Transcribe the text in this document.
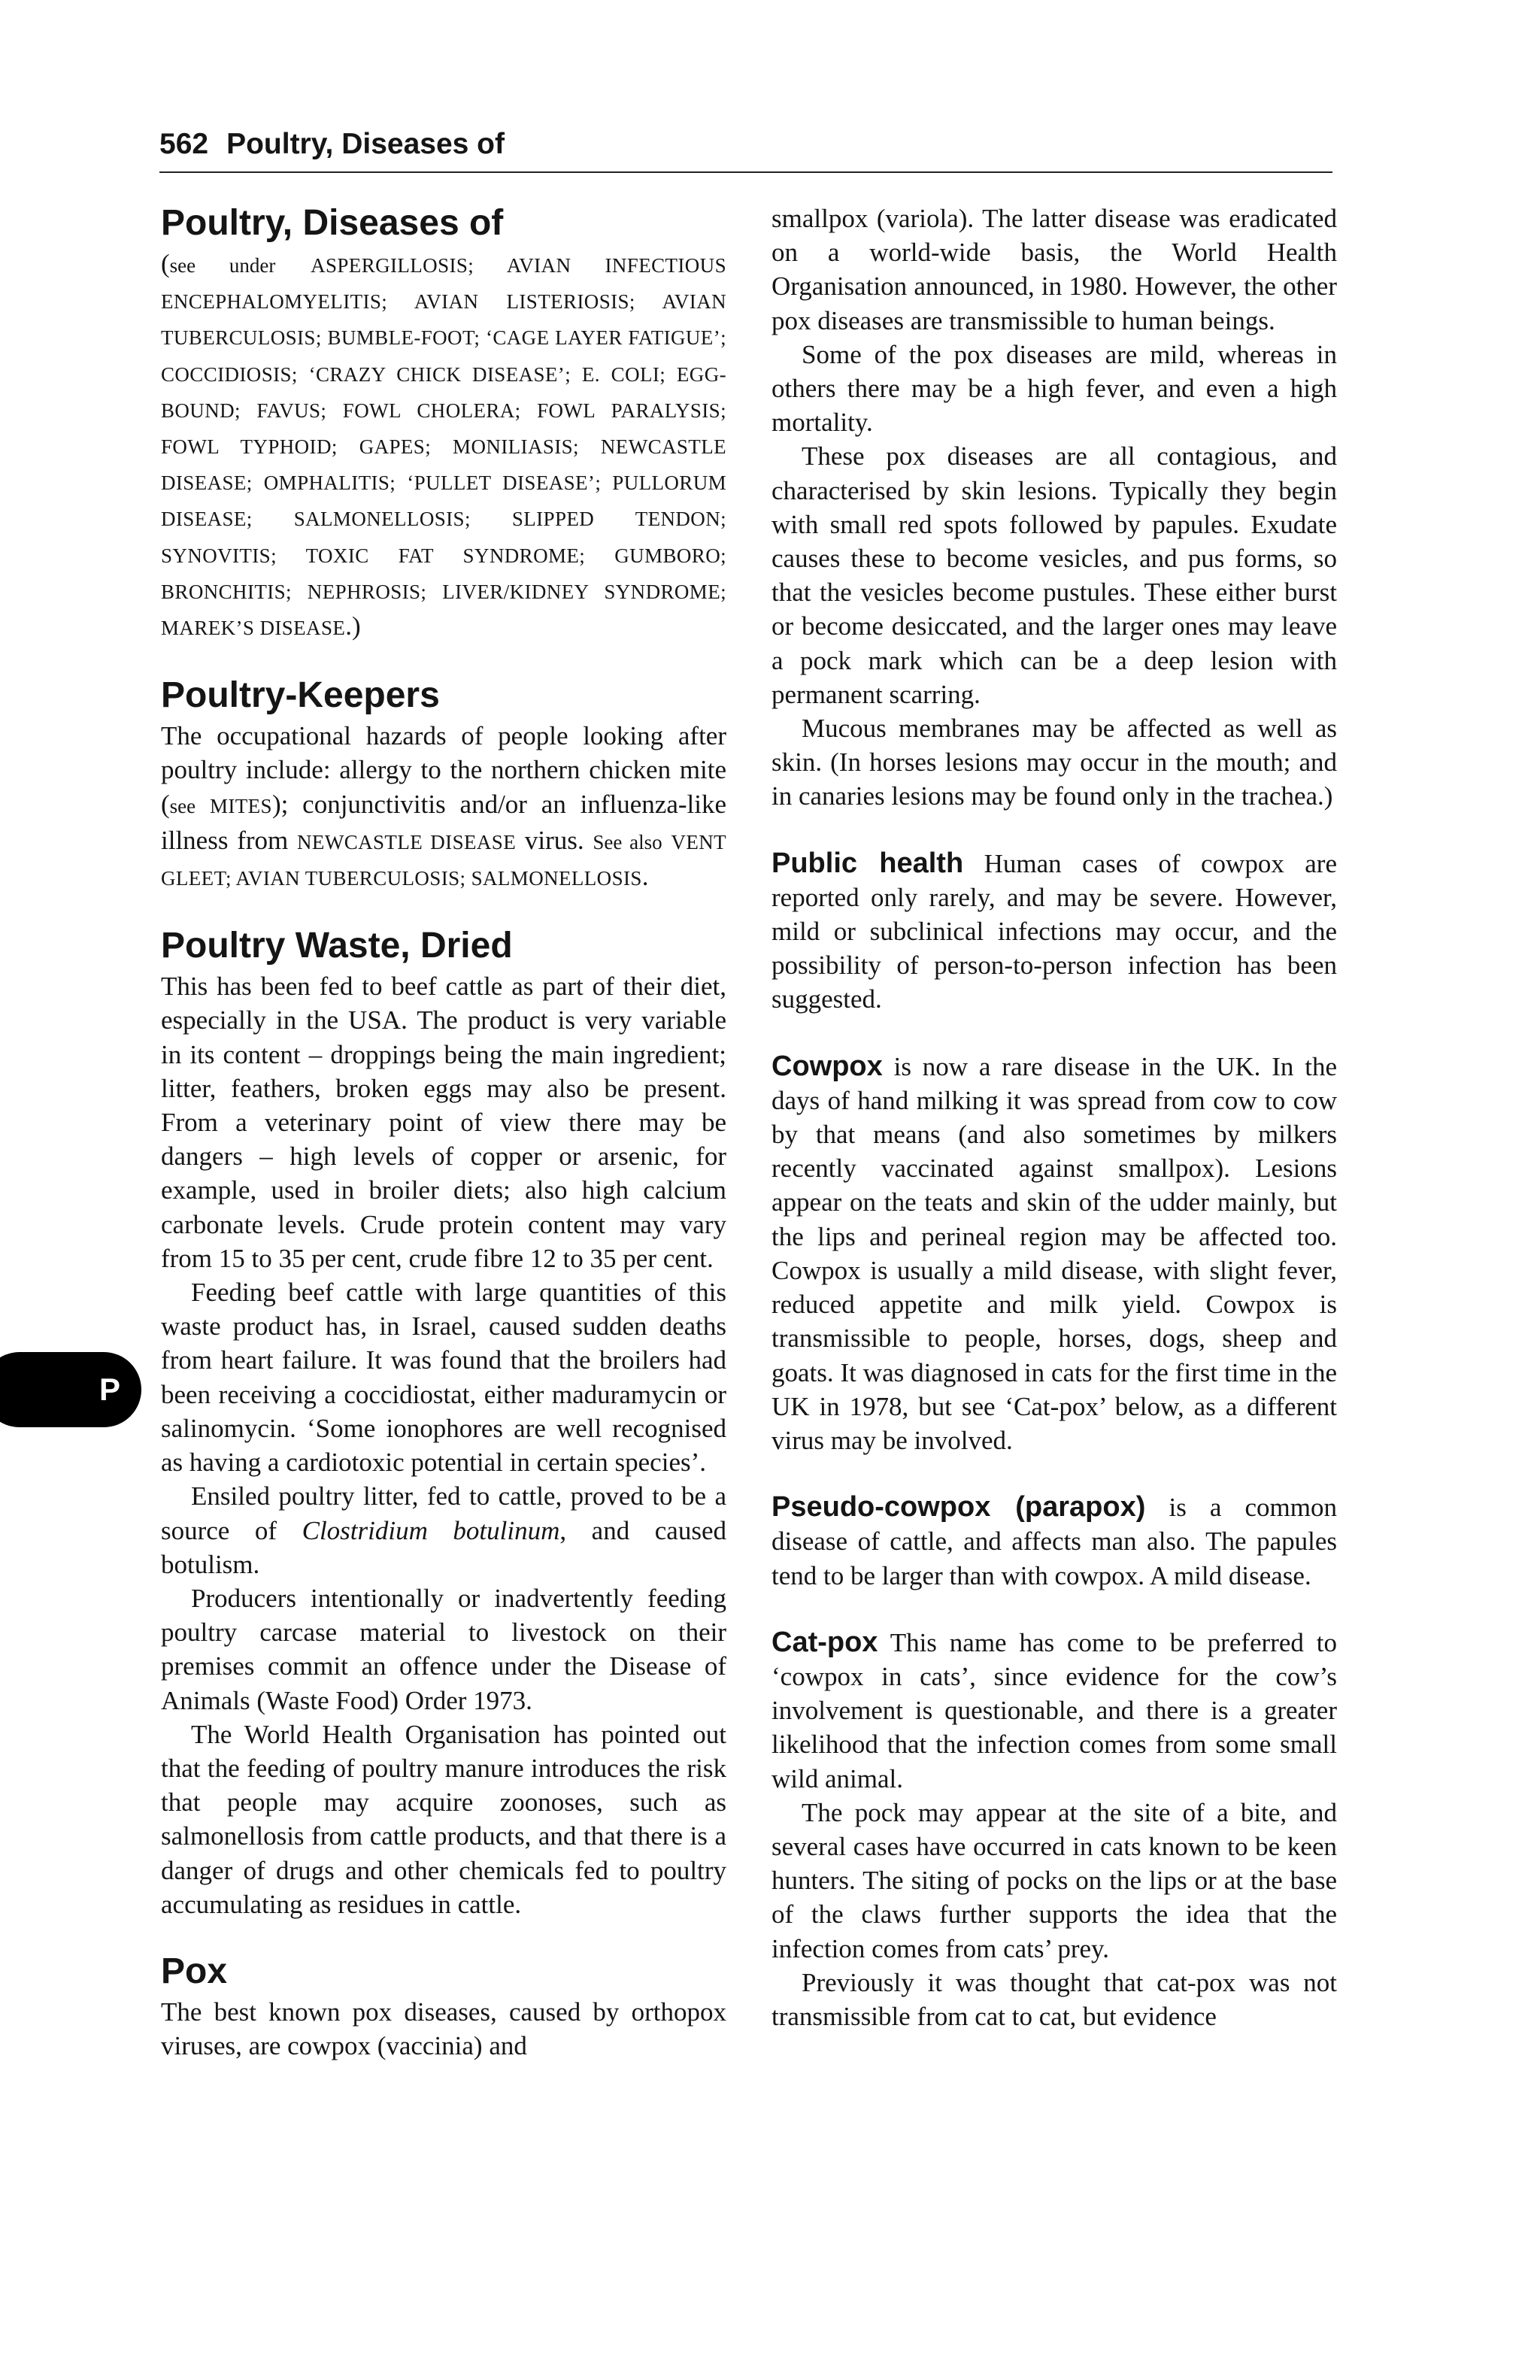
562 Poultry, Diseases of
P
Poultry, Diseases of

(see under ASPERGILLOSIS; AVIAN INFECTIOUS ENCEPHALOMYELITIS; AVIAN LISTERIOSIS; AVIAN TUBERCULOSIS; BUMBLE-FOOT; ‘CAGE LAYER FATIGUE’; COCCIDIOSIS; ‘CRAZY CHICK DISEASE’; E. COLI; EGG-BOUND; FAVUS; FOWL CHOLERA; FOWL PARALYSIS; FOWL TYPHOID; GAPES; MONILIASIS; NEWCASTLE DISEASE; OMPHALITIS; ‘PULLET DISEASE’; PULLORUM DISEASE; SALMONELLOSIS; SLIPPED TENDON; SYNOVITIS; TOXIC FAT SYNDROME; GUMBORO; BRONCHITIS; NEPHROSIS; LIVER/KIDNEY SYNDROME; MAREK’S DISEASE.)

Poultry-Keepers

The occupational hazards of people looking after poultry include: allergy to the northern chicken mite (see MITES); conjunctivitis and/or an influenza-like illness from NEWCASTLE DISEASE virus. See also VENT GLEET; AVIAN TUBERCULOSIS; SALMONELLOSIS.

Poultry Waste, Dried

This has been fed to beef cattle as part of their diet, especially in the USA. The product is very variable in its content – droppings being the main ingredient; litter, feathers, broken eggs may also be present. From a veterinary point of view there may be dangers – high levels of copper or arsenic, for example, used in broiler diets; also high calcium carbonate levels. Crude protein content may vary from 15 to 35 per cent, crude fibre 12 to 35 per cent.

Feeding beef cattle with large quantities of this waste product has, in Israel, caused sudden deaths from heart failure. It was found that the broilers had been receiving a coccidiostat, either maduramycin or salinomycin. ‘Some ionophores are well recognised as having a cardiotoxic potential in certain species’.

Ensiled poultry litter, fed to cattle, proved to be a source of Clostridium botulinum, and caused botulism.

Producers intentionally or inadvertently feeding poultry carcase material to livestock on their premises commit an offence under the Disease of Animals (Waste Food) Order 1973.

The World Health Organisation has pointed out that the feeding of poultry manure introduces the risk that people may acquire zoonoses, such as salmonellosis from cattle products, and that there is a danger of drugs and other chemicals fed to poultry accumulating as residues in cattle.

Pox

The best known pox diseases, caused by orthopox viruses, are cowpox (vaccinia) and

smallpox (variola). The latter disease was eradicated on a world-wide basis, the World Health Organisation announced, in 1980. However, the other pox diseases are transmissible to human beings.

Some of the pox diseases are mild, whereas in others there may be a high fever, and even a high mortality.

These pox diseases are all contagious, and characterised by skin lesions. Typically they begin with small red spots followed by papules. Exudate causes these to become vesicles, and pus forms, so that the vesicles become pustules. These either burst or become desiccated, and the larger ones may leave a pock mark which can be a deep lesion with permanent scarring.

Mucous membranes may be affected as well as skin. (In horses lesions may occur in the mouth; and in canaries lesions may be found only in the trachea.)

Public health Human cases of cowpox are reported only rarely, and may be severe. However, mild or subclinical infections may occur, and the possibility of person-to-person infection has been suggested.

Cowpox is now a rare disease in the UK. In the days of hand milking it was spread from cow to cow by that means (and also sometimes by milkers recently vaccinated against smallpox). Lesions appear on the teats and skin of the udder mainly, but the lips and perineal region may be affected too. Cowpox is usually a mild disease, with slight fever, reduced appetite and milk yield. Cowpox is transmissible to people, horses, dogs, sheep and goats. It was diagnosed in cats for the first time in the UK in 1978, but see ‘Cat-pox’ below, as a different virus may be involved.

Pseudo-cowpox (parapox) is a common disease of cattle, and affects man also. The papules tend to be larger than with cowpox. A mild disease.

Cat-pox This name has come to be preferred to ‘cowpox in cats’, since evidence for the cow’s involvement is questionable, and there is a greater likelihood that the infection comes from some small wild animal.

The pock may appear at the site of a bite, and several cases have occurred in cats known to be keen hunters. The siting of pocks on the lips or at the base of the claws further supports the idea that the infection comes from cats’ prey.

Previously it was thought that cat-pox was not transmissible from cat to cat, but evidence
